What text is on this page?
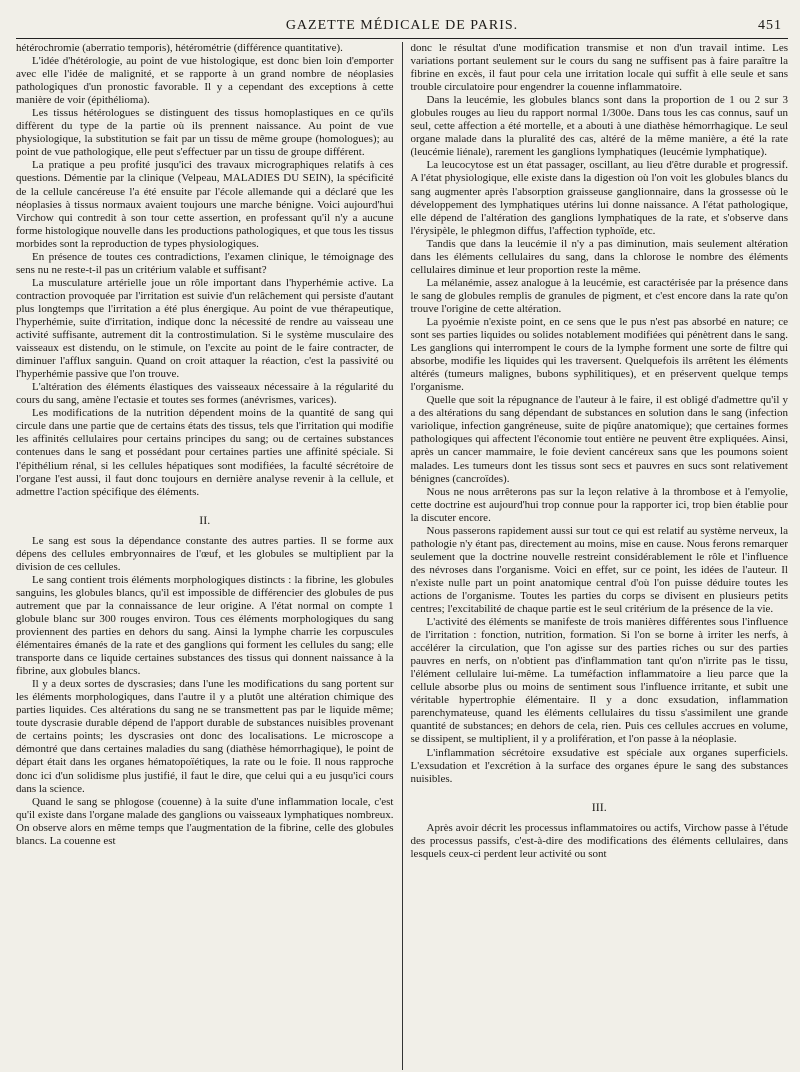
GAZETTE MÉDICALE DE PARIS.	451

hétérochromie (aberratio temporis), hétérométrie (différence quantitative).

L'idée d'hétérologie, au point de vue histologique, est donc bien loin d'emporter avec elle l'idée de malignité, et se rapporte à un grand nombre de néoplasies pathologiques d'un pronostic favorable. Il y a cependant des exceptions à cette manière de voir (épithélioma).

Les tissus hétérologues se distinguent des tissus homoplastiques en ce qu'ils diffèrent du type de la partie où ils prennent naissance. Au point de vue physiologique, la substitution se fait par un tissu de même groupe (homologues); au point de vue pathologique, elle peut s'effectuer par un tissu de groupe différent.

La pratique a peu profité jusqu'ici des travaux micrographiques relatifs à ces questions. Démentie par la clinique (Velpeau, MALADIES DU SEIN), la spécificité de la cellule cancéreuse l'a été ensuite par l'école allemande qui a déclaré que les néoplasies à tissus normaux avaient toujours une marche bénigne. Voici aujourd'hui Virchow qui contredit à son tour cette assertion, en professant qu'il n'y a aucune forme histologique nouvelle dans les productions pathologiques, et que tous les tissus morbides sont la reproduction de types physiologiques.

En présence de toutes ces contradictions, l'examen clinique, le témoignage des sens nu ne reste-t-il pas un critérium valable et suffisant?

La musculature artérielle joue un rôle important dans l'hyperhémie active. La contraction provoquée par l'irritation est suivie d'un relâchement qui persiste d'autant plus longtemps que l'irritation a été plus énergique. Au point de vue thérapeutique, l'hyperhémie, suite d'irritation, indique donc la nécessité de rendre au vaisseau une activité suffisante, autrement dit la controstimulation. Si le système musculaire des vaisseaux est distendu, on le stimule, on l'excite au point de le faire contracter, de diminuer l'afflux sanguin. Quand on croit attaquer la réaction, c'est la passivité ou l'hyperhémie passive que l'on trouve.

L'altération des éléments élastiques des vaisseaux nécessaire à la régularité du cours du sang, amène l'ectasie et toutes ses formes (anévrismes, varices).

Les modifications de la nutrition dépendent moins de la quantité de sang qui circule dans une partie que de certains états des tissus, tels que l'irritation qui modifie les affinités cellulaires pour certains principes du sang; ou de certaines substances contenues dans le sang et possédant pour certaines parties une affinité spéciale. Si l'épithélium rénal, si les cellules hépatiques sont modifiées, la faculté sécrétoire de l'organe l'est aussi, il faut donc toujours en dernière analyse revenir à la cellule, et admettre l'action spécifique des éléments.

II.

Le sang est sous la dépendance constante des autres parties. Il se forme aux dépens des cellules embryonnaires de l'œuf, et les globules se multiplient par la division de ces cellules.

Le sang contient trois éléments morphologiques distincts : la fibrine, les globules sanguins, les globules blancs, qu'il est impossible de différencier des globules de pus autrement que par la connaissance de leur origine. A l'état normal on compte 1 globule blanc sur 300 rouges environ. Tous ces éléments morphologiques du sang proviennent des parties en dehors du sang. Ainsi la lymphe charrie les corpuscules élémentaires émanés de la rate et des ganglions qui forment les cellules du sang; elle transporte dans ce liquide certaines substances des tissus qui donnent naissance à la fibrine, aux globules blancs.

Il y a deux sortes de dyscrasies; dans l'une les modifications du sang portent sur les éléments morphologiques, dans l'autre il y a plutôt une altération chimique des parties liquides. Ces altérations du sang ne se transmettent pas par le liquide même; toute dyscrasie durable dépend de l'apport durable de substances nuisibles provenant de certains points; les dyscrasies ont donc des localisations. Le microscope a démontré que dans certaines maladies du sang (diathèse hémorrhagique), le point de départ était dans les organes hématopoïétiques, la rate ou le foie. Il nous rapproche donc ici d'un solidisme plus justifié, il faut le dire, que celui qui a eu jusqu'ici cours dans la science.

Quand le sang se phlogose (couenne) à la suite d'une inflammation locale, c'est qu'il existe dans l'organe malade des ganglions ou vaisseaux lymphatiques nombreux. On observe alors en même temps que l'augmentation de la fibrine, celle des globules blancs. La couenne est

donc le résultat d'une modification transmise et non d'un travail intime. Les variations portant seulement sur le cours du sang ne suffisent pas à faire paraître la fibrine en excès, il faut pour cela une irritation locale qui suffit à elle seule et sans trouble circulatoire pour engendrer la couenne inflammatoire.

Dans la leucémie, les globules blancs sont dans la proportion de 1 ou 2 sur 3 globules rouges au lieu du rapport normal 1/300e. Dans tous les cas connus, sauf un seul, cette affection a été mortelle, et a abouti à une diathèse hémorrhagique. Le seul organe malade dans la pluralité des cas, altéré de la même manière, a été la rate (leucémie liénale), rarement les ganglions lymphatiques (leucémie lymphatique).

La leucocytose est un état passager, oscillant, au lieu d'être durable et progressif. A l'état physiologique, elle existe dans la digestion où l'on voit les globules blancs du sang augmenter après l'absorption graisseuse ganglionnaire, dans la grossesse où le développement des lymphatiques utérins lui donne naissance. A l'état pathologique, elle dépend de l'altération des ganglions lymphatiques de la rate, et s'observe dans l'érysipèle, le phlegmon diffus, l'affection typhoïde, etc.

Tandis que dans la leucémie il n'y a pas diminution, mais seulement altération dans les éléments cellulaires du sang, dans la chlorose le nombre des éléments cellulaires diminue et leur proportion reste la même.

La mélanémie, assez analogue à la leucémie, est caractérisée par la présence dans le sang de globules remplis de granules de pigment, et c'est encore dans la rate qu'on trouve l'origine de cette altération.

La pyoémie n'existe point, en ce sens que le pus n'est pas absorbé en nature; ce sont ses parties liquides ou solides notablement modifiées qui pénètrent dans le sang. Les ganglions qui interrompent le cours de la lymphe forment une sorte de filtre qui absorbe, modifie les liquides qui les traversent. Quelquefois ils arrêtent les éléments altérés (tumeurs malignes, bubons syphilitiques), et en préservent quelque temps l'organisme.

Quelle que soit la répugnance de l'auteur à le faire, il est obligé d'admettre qu'il y a des altérations du sang dépendant de substances en solution dans le sang (infection variolique, infection gangréneuse, suite de piqûre anatomique); que certaines formes pathologiques qui affectent l'économie tout entière ne peuvent être expliquées. Ainsi, après un cancer mammaire, le foie devient cancéreux sans que les poumons soient malades. Les tumeurs dont les tissus sont secs et pauvres en sucs sont relativement bénignes (cancroïdes).

Nous ne nous arrêterons pas sur la leçon relative à la thrombose et à l'emyolie, cette doctrine est aujourd'hui trop connue pour la rapporter ici, trop bien établie pour la discuter encore.

Nous passerons rapidement aussi sur tout ce qui est relatif au système nerveux, la pathologie n'y étant pas, directement au moins, mise en cause. Nous ferons remarquer seulement que la doctrine nouvelle restreint considérablement le rôle et l'influence des névroses dans l'organisme. Voici en effet, sur ce point, les idées de l'auteur. Il n'existe nulle part un point anatomique central d'où l'on puisse déduire toutes les actions de l'organisme. Toutes les parties du corps se divisent en plusieurs petits centres; l'excitabilité de chaque partie est le seul critérium de la présence de la vie.

L'activité des éléments se manifeste de trois manières différentes sous l'influence de l'irritation : fonction, nutrition, formation. Si l'on se borne à irriter les nerfs, à accélérer la circulation, que l'on agisse sur des parties riches ou sur des parties pauvres en nerfs, on n'obtient pas d'inflammation tant qu'on n'irrite pas le tissu, l'élément cellulaire lui-même. La tuméfaction inflammatoire a lieu parce que la cellule absorbe plus ou moins de sentiment sous l'influence irritante, et subit une véritable hypertrophie élémentaire. Il y a donc exsudation, inflammation parenchymateuse, quand les éléments cellulaires du tissu s'assimilent une grande quantité de substances; en dehors de cela, rien. Puis ces cellules accrues en volume, se dissipent, se multiplient, il y a prolifération, et l'on passe à la néoplasie.

L'inflammation sécrétoire exsudative est spéciale aux organes superficiels. L'exsudation et l'excrétion à la surface des organes épure le sang des substances nuisibles.

III.

Après avoir décrit les processus inflammatoires ou actifs, Virchow passe à l'étude des processus passifs, c'est-à-dire des modifications des éléments cellulaires, dans lesquels ceux-ci perdent leur activité ou sont
